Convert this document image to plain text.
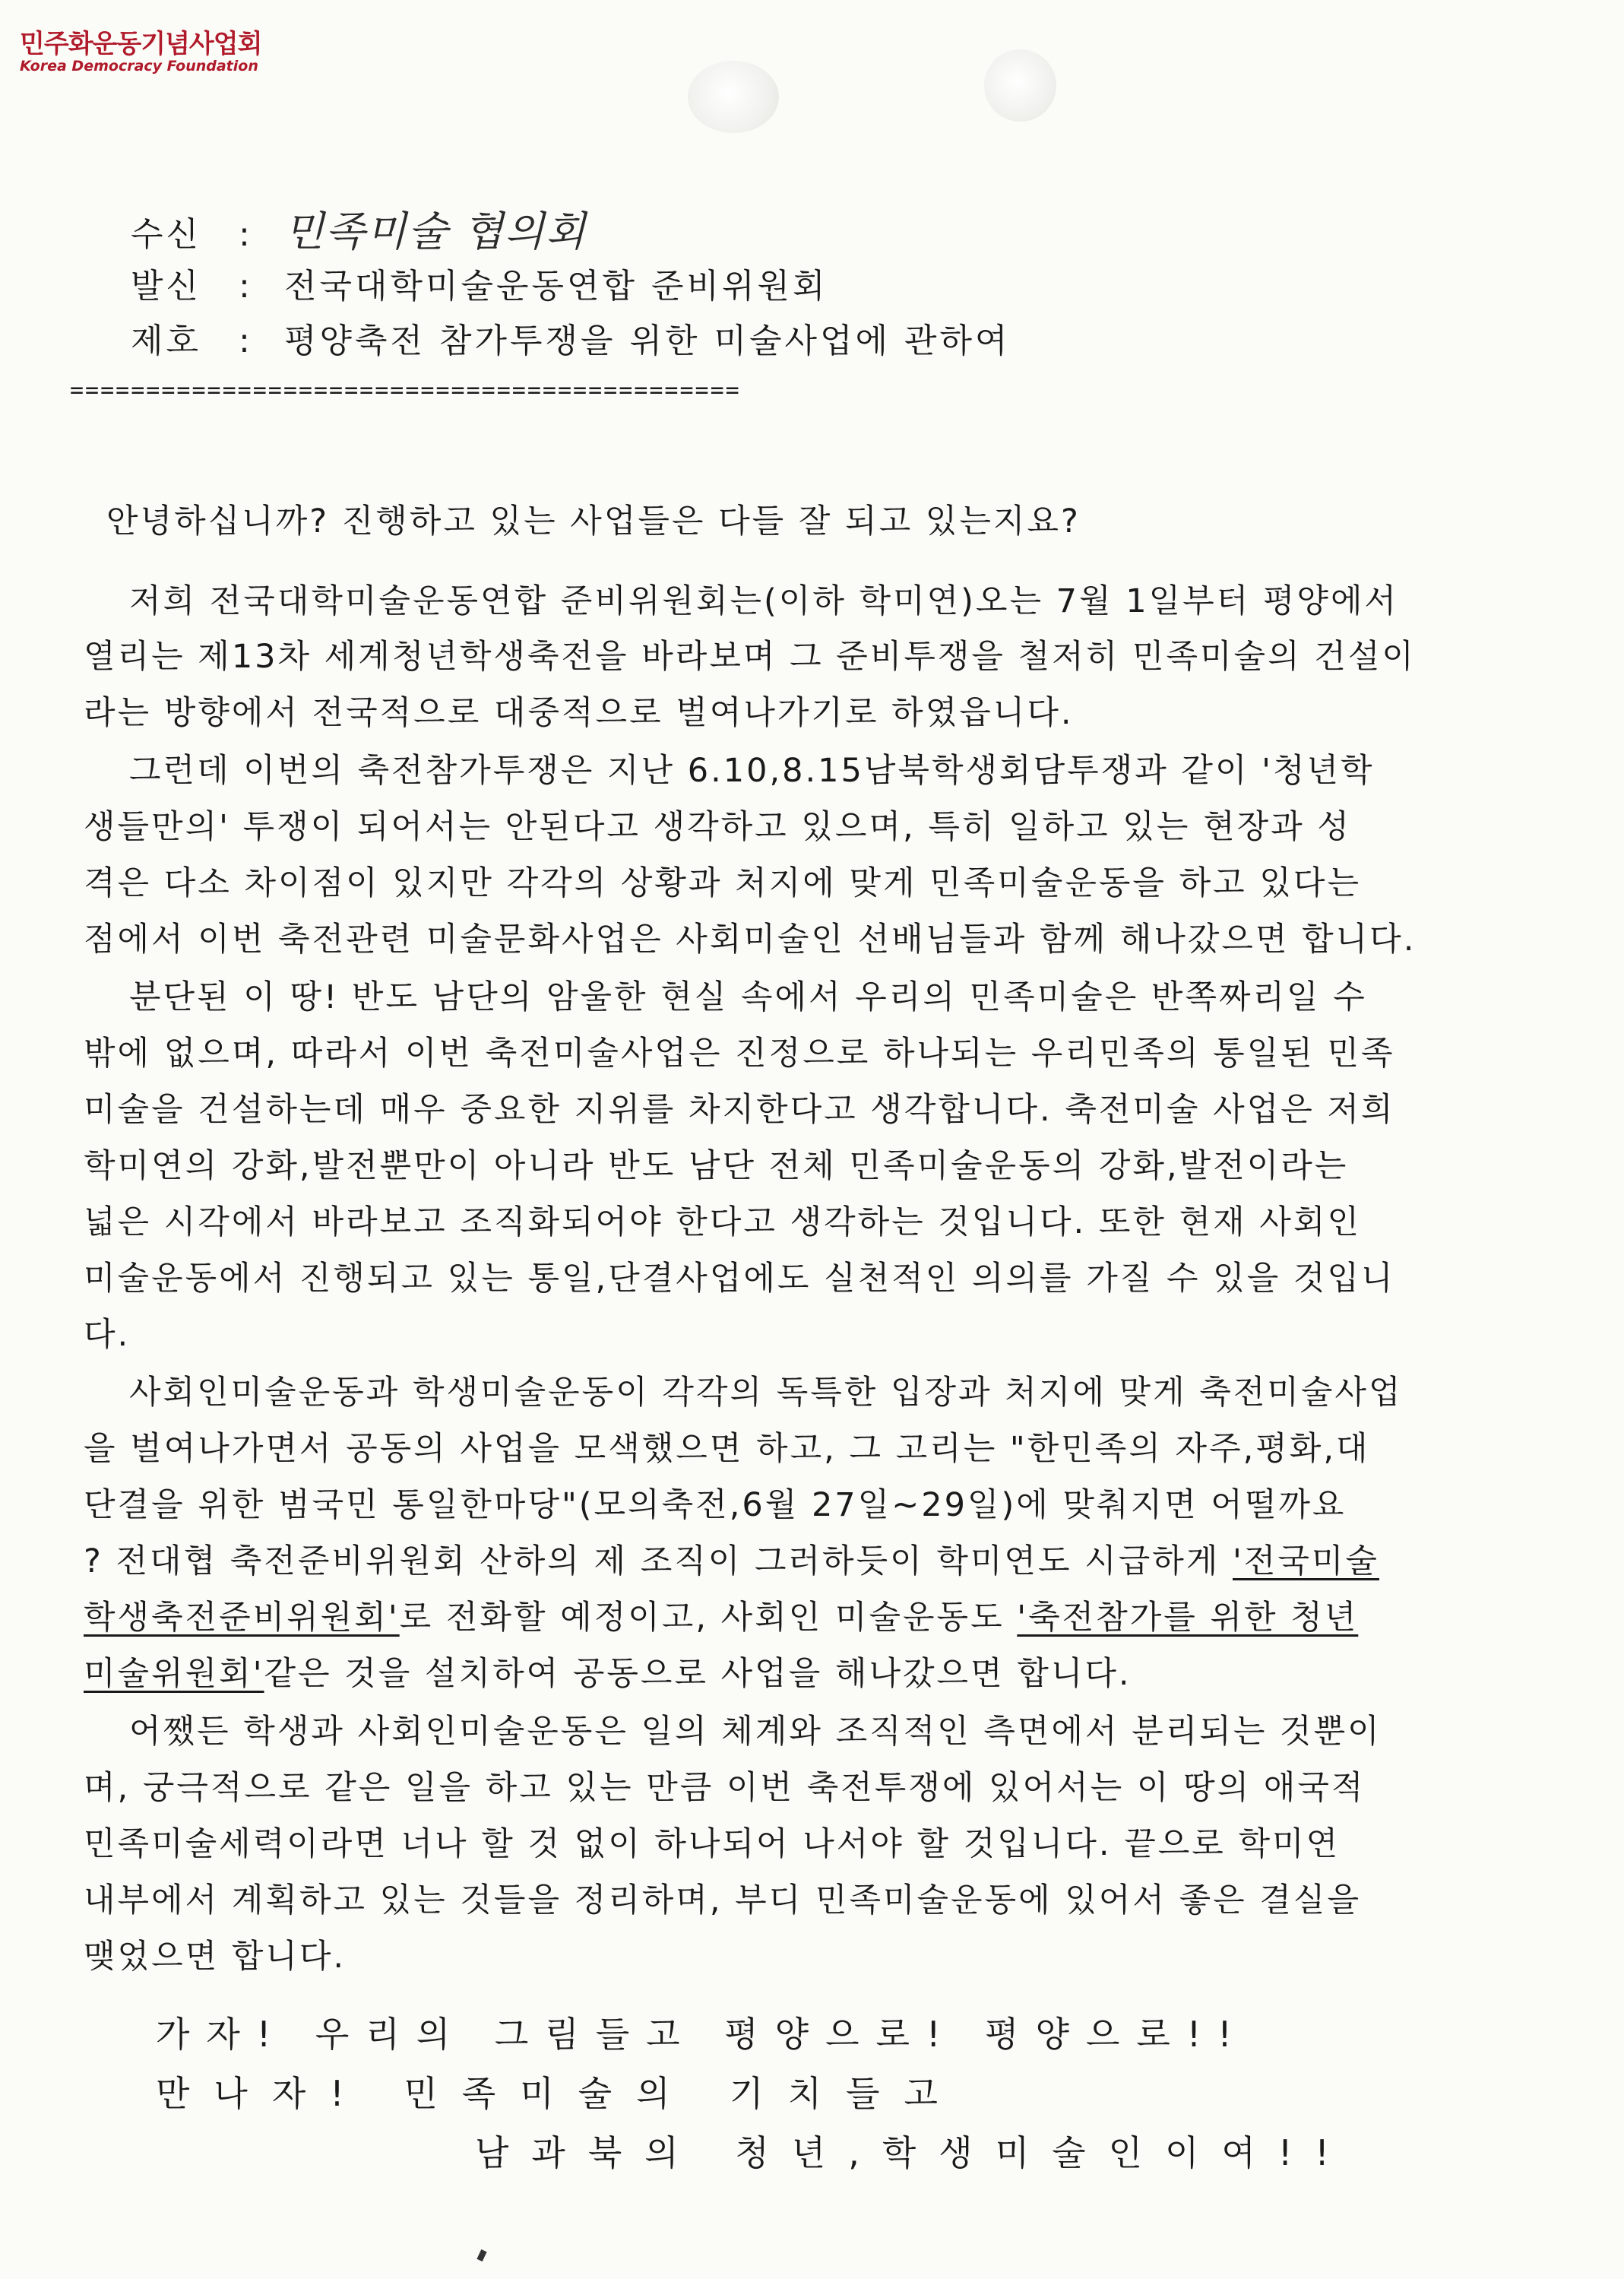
민주화운동기념사업회
Korea Democracy Foundation
수신 : 민족미술 협의회
발신 : 전국대학미술운동연합 준비위원회
제호 : 평양축전 참가투쟁을 위한 미술사업에 관하여
============================================
안녕하십니까? 진행하고 있는 사업들은 다들 잘 되고 있는지요?
저희 전국대학미술운동연합 준비위원회는(이하 학미연)오는 7월 1일부터 평양에서
열리는 제13차 세계청년학생축전을 바라보며 그 준비투쟁을 철저히 민족미술의 건설이
라는 방향에서 전국적으로 대중적으로 벌여나가기로 하였읍니다.
그런데 이번의 축전참가투쟁은 지난 6.10,8.15남북학생회담투쟁과 같이 '청년학
생들만의' 투쟁이 되어서는 안된다고 생각하고 있으며, 특히 일하고 있는 현장과 성
격은 다소 차이점이 있지만 각각의 상황과 처지에 맞게 민족미술운동을 하고 있다는
점에서 이번 축전관련 미술문화사업은 사회미술인 선배님들과 함께 해나갔으면 합니다.
분단된 이 땅! 반도 남단의 암울한 현실 속에서 우리의 민족미술은 반쪽짜리일 수
밖에 없으며, 따라서 이번 축전미술사업은 진정으로 하나되는 우리민족의 통일된 민족
미술을 건설하는데 매우 중요한 지위를 차지한다고 생각합니다. 축전미술 사업은 저희
학미연의 강화,발전뿐만이 아니라 반도 남단 전체 민족미술운동의 강화,발전이라는
넓은 시각에서 바라보고 조직화되어야 한다고 생각하는 것입니다. 또한 현재 사회인
미술운동에서 진행되고 있는 통일,단결사업에도 실천적인 의의를 가질 수 있을 것입니
다.
사회인미술운동과 학생미술운동이 각각의 독특한 입장과 처지에 맞게 축전미술사업
을 벌여나가면서 공동의 사업을 모색했으면 하고, 그 고리는 "한민족의 자주,평화,대
단결을 위한 범국민 통일한마당"(모의축전,6월 27일~29일)에 맞춰지면 어떨까요
? 전대협 축전준비위원회 산하의 제 조직이 그러하듯이 학미연도 시급하게 '전국미술
학생축전준비위원회'로 전화할 예정이고, 사회인 미술운동도 '축전참가를 위한 청년
미술위원회'같은 것을 설치하여 공동으로 사업을 해나갔으면 합니다.
어쨌든 학생과 사회인미술운동은 일의 체계와 조직적인 측면에서 분리되는 것뿐이
며, 궁극적으로 같은 일을 하고 있는 만큼 이번 축전투쟁에 있어서는 이 땅의 애국적
민족미술세력이라면 너나 할 것 없이 하나되어 나서야 할 것입니다. 끝으로 학미연
내부에서 계획하고 있는 것들을 정리하며, 부디 민족미술운동에 있어서 좋은 결실을
맺었으면 합니다.
가자! 우리의 그림들고 평양으로! 평양으로!!
만나자! 민족미술의 기치들고
남과북의 청년,학생미술인이여!!
